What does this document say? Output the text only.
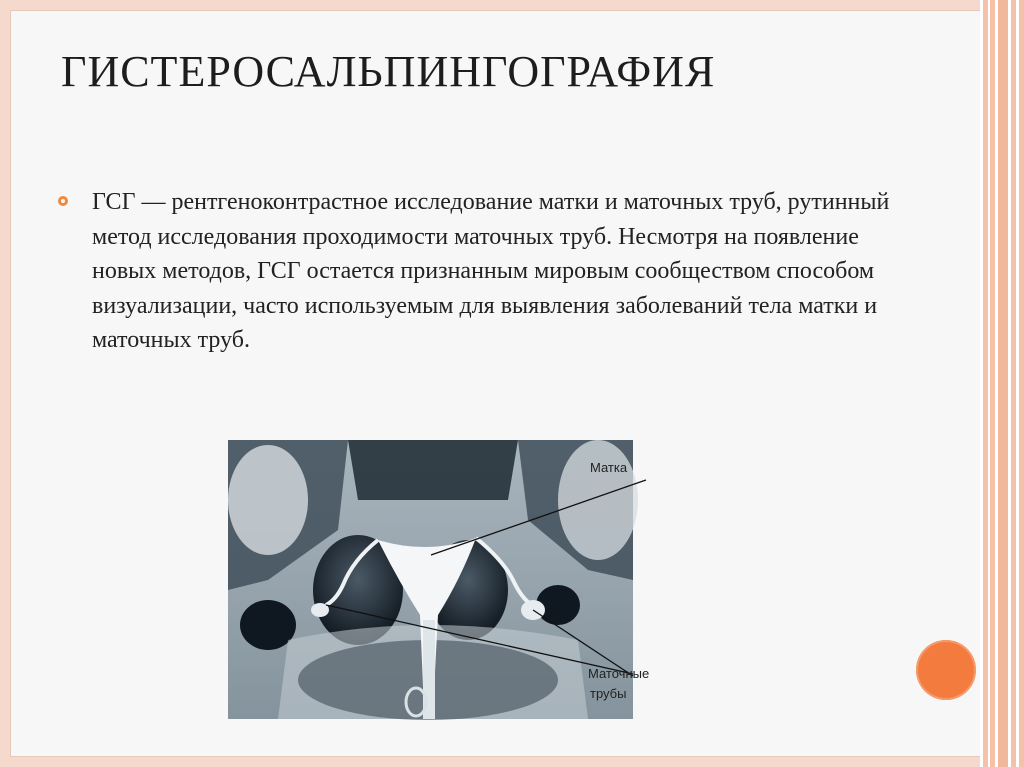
ГИСТЕРОСАЛЬПИНГОГРАФИЯ

ГСГ — рентгеноконтрастное исследование матки и маточных труб, рутинный метод исследования проходимости маточных труб. Несмотря на появление новых методов, ГСГ остается признанным мировым сообществом способом визуализации, часто используемым для выявления заболеваний тела матки и маточных труб.

Матка
Маточные
трубы
